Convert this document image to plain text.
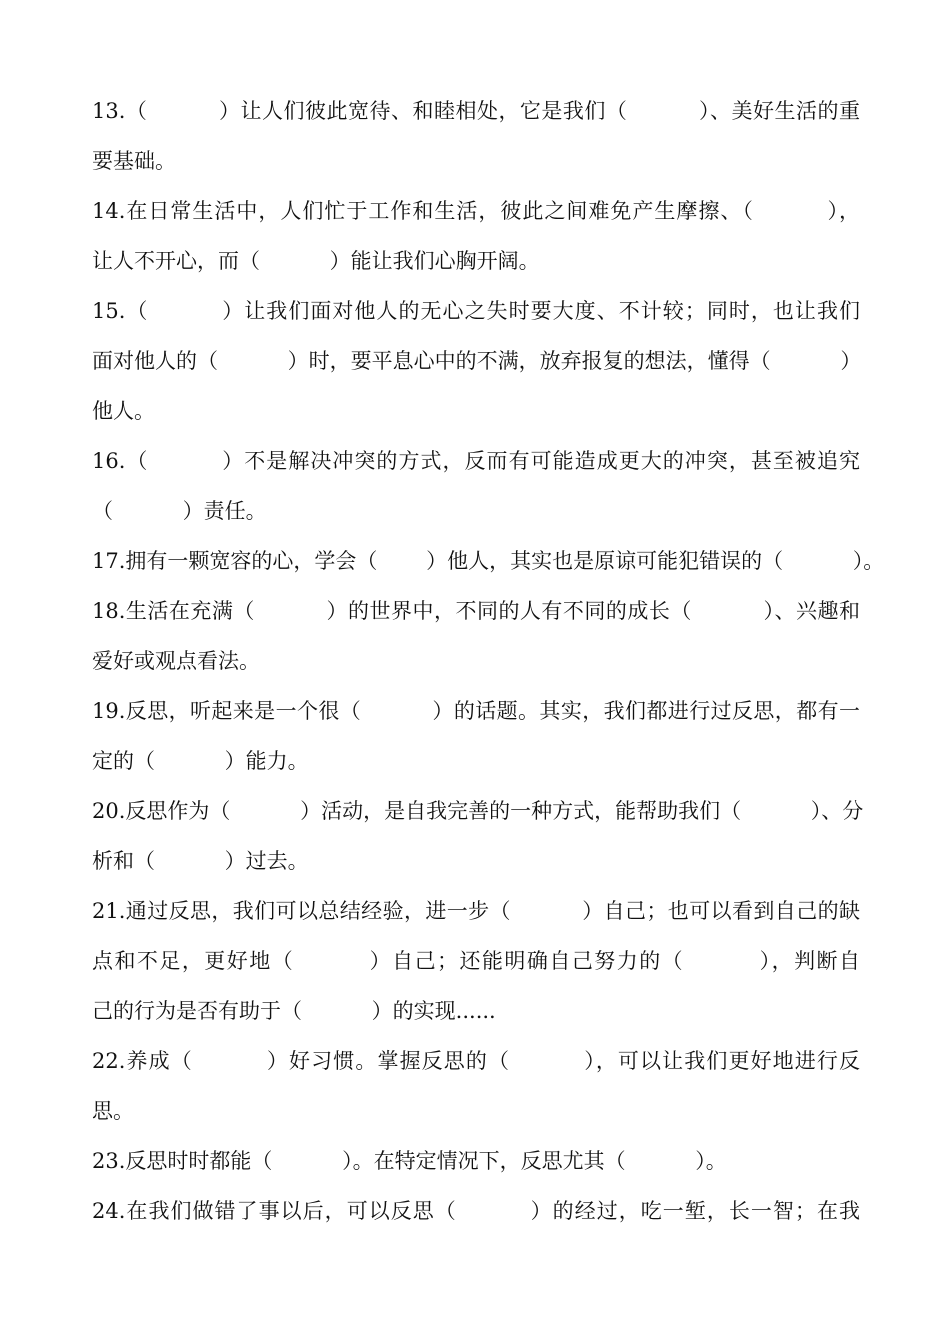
13.（　　　 ）让人们彼此宽待、和睦相处，它是我们（　　　 ）、美好生活的重
要基础。
14.在日常生活中，人们忙于工作和生活，彼此之间难免产生摩擦、（　　　 ），
让人不开心，而（　　　 ）能让我们心胸开阔。
15.（　　　 ）让我们面对他人的无心之失时要大度、不计较；同时，也让我们
面对他人的（　　　 ）时，要平息心中的不满，放弃报复的想法，懂得（　　　 ）
他人。
16.（　　　 ）不是解决冲突的方式，反而有可能造成更大的冲突，甚至被追究
（　　　 ）责任。
17.拥有一颗宽容的心，学会（　　 ）他人，其实也是原谅可能犯错误的（　　　 ）。
18.生活在充满（　　　 ）的世界中，不同的人有不同的成长（　　　 ）、兴趣和
爱好或观点看法。
19.反思，听起来是一个很（　　　 ）的话题。其实，我们都进行过反思，都有一
定的（　　　 ）能力。
20.反思作为（　　　 ）活动，是自我完善的一种方式，能帮助我们（　　　 ）、分
析和（　　　 ）过去。
21.通过反思，我们可以总结经验，进一步（　　　 ）自己；也可以看到自己的缺
点和不足，更好地（　　　 ）自己；还能明确自己努力的（　　　 ），判断自
己的行为是否有助于（　　　 ）的实现......
22.养成（　　　 ）好习惯。掌握反思的（　　　 ），可以让我们更好地进行反
思。
23.反思时时都能（　　　 ）。在特定情况下，反思尤其（　　　 ）。
24.在我们做错了事以后，可以反思（　　　 ）的经过，吃一堑，长一智；在我
